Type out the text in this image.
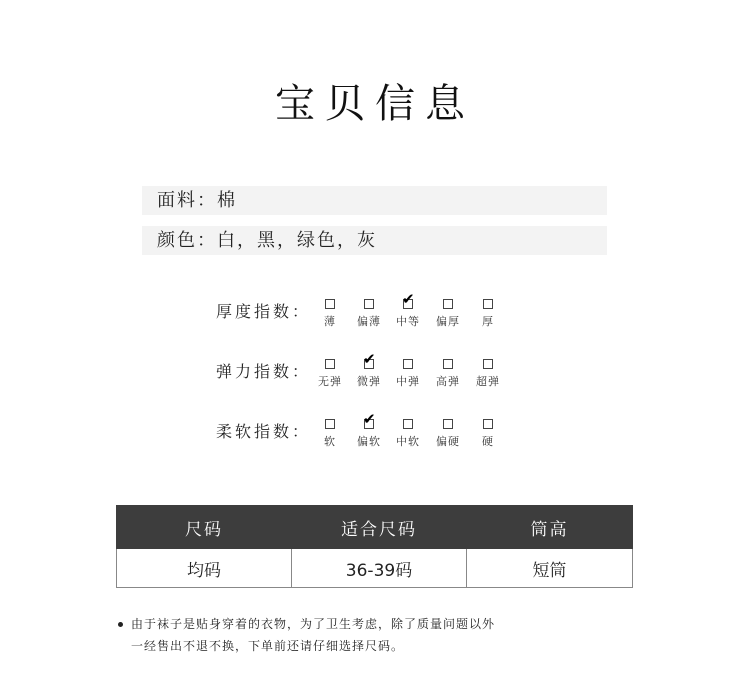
宝贝信息
面料：棉
颜色：白，黑，绿色，灰
厚度指数：
薄	偏薄
✔
中等	偏厚	厚
弹力指数：
无弹
✔
微弹	中弹	高弹	超弹
柔软指数：
软
✔
偏软	中软	偏硬	硬
尺码	适合尺码	筒高
均码	36-39码	短筒
由于袜子是贴身穿着的衣物，为了卫生考虑，除了质量问题以外
一经售出不退不换，下单前还请仔细选择尺码。
